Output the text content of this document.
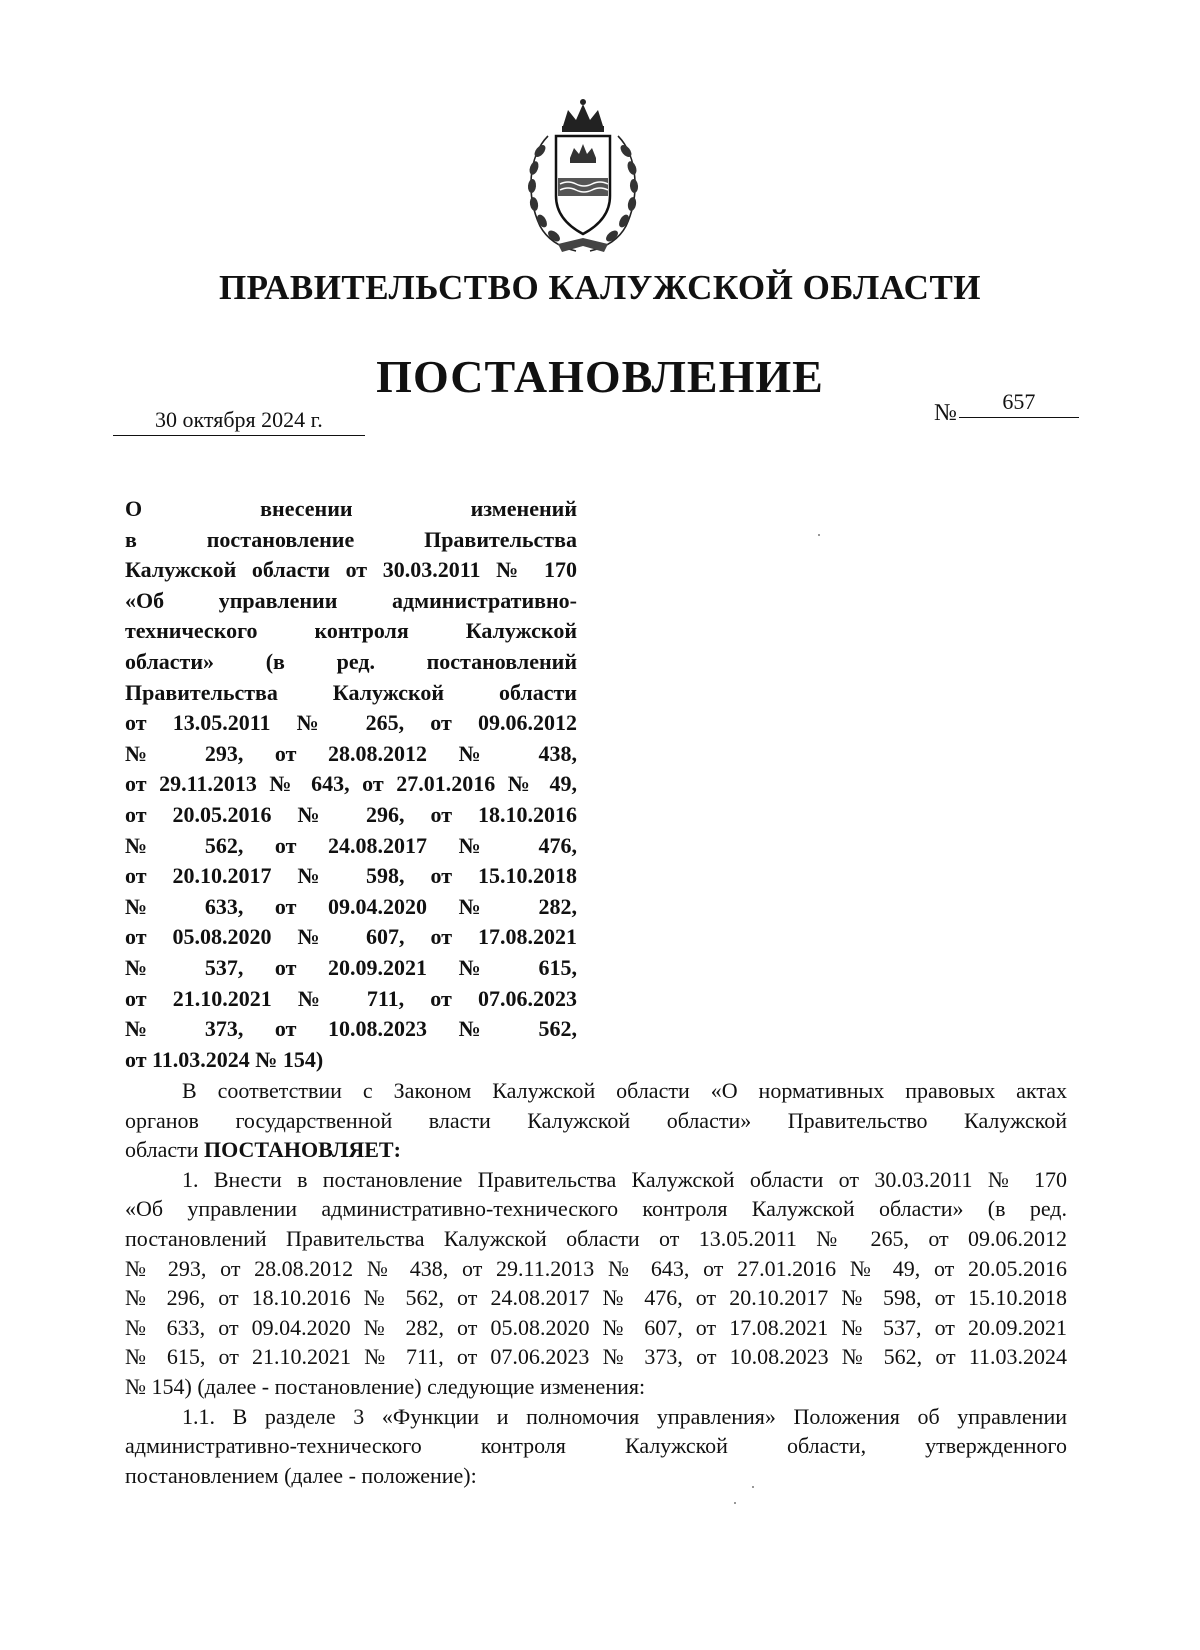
ПРАВИТЕЛЬСТВО КАЛУЖСКОЙ ОБЛАСТИ
ПОСТАНОВЛЕНИЕ
30 октября 2024 г.	№ 657
О внесении изменений
в постановление Правительства
Калужской области от 30.03.2011 № 170
«Об управлении административно-
технического контроля Калужской
области» (в ред. постановлений
Правительства Калужской области
от 13.05.2011 № 265, от 09.06.2012
№ 293, от 28.08.2012 № 438,
от 29.11.2013 № 643, от 27.01.2016 № 49,
от 20.05.2016 № 296, от 18.10.2016
№ 562, от 24.08.2017 № 476,
от 20.10.2017 № 598, от 15.10.2018
№ 633, от 09.04.2020 № 282,
от 05.08.2020 № 607, от 17.08.2021
№ 537, от 20.09.2021 № 615,
от 21.10.2021 № 711, от 07.06.2023
№ 373, от 10.08.2023 № 562,
от 11.03.2024 № 154)
В соответствии с Законом Калужской области «О нормативных правовых актах
органов государственной власти Калужской области» Правительство Калужской
области ПОСТАНОВЛЯЕТ:
1. Внести в постановление Правительства Калужской области от 30.03.2011 № 170
«Об управлении административно-технического контроля Калужской области» (в ред.
постановлений Правительства Калужской области от 13.05.2011 № 265, от 09.06.2012
№ 293, от 28.08.2012 № 438, от 29.11.2013 № 643, от 27.01.2016 № 49, от 20.05.2016
№ 296, от 18.10.2016 № 562, от 24.08.2017 № 476, от 20.10.2017 № 598, от 15.10.2018
№ 633, от 09.04.2020 № 282, от 05.08.2020 № 607, от 17.08.2021 № 537, от 20.09.2021
№ 615, от 21.10.2021 № 711, от 07.06.2023 № 373, от 10.08.2023 № 562, от 11.03.2024
№ 154) (далее - постановление) следующие изменения:
1.1. В разделе 3 «Функции и полномочия управления» Положения об управлении
административно-технического контроля Калужской области, утвержденного
постановлением (далее - положение):
